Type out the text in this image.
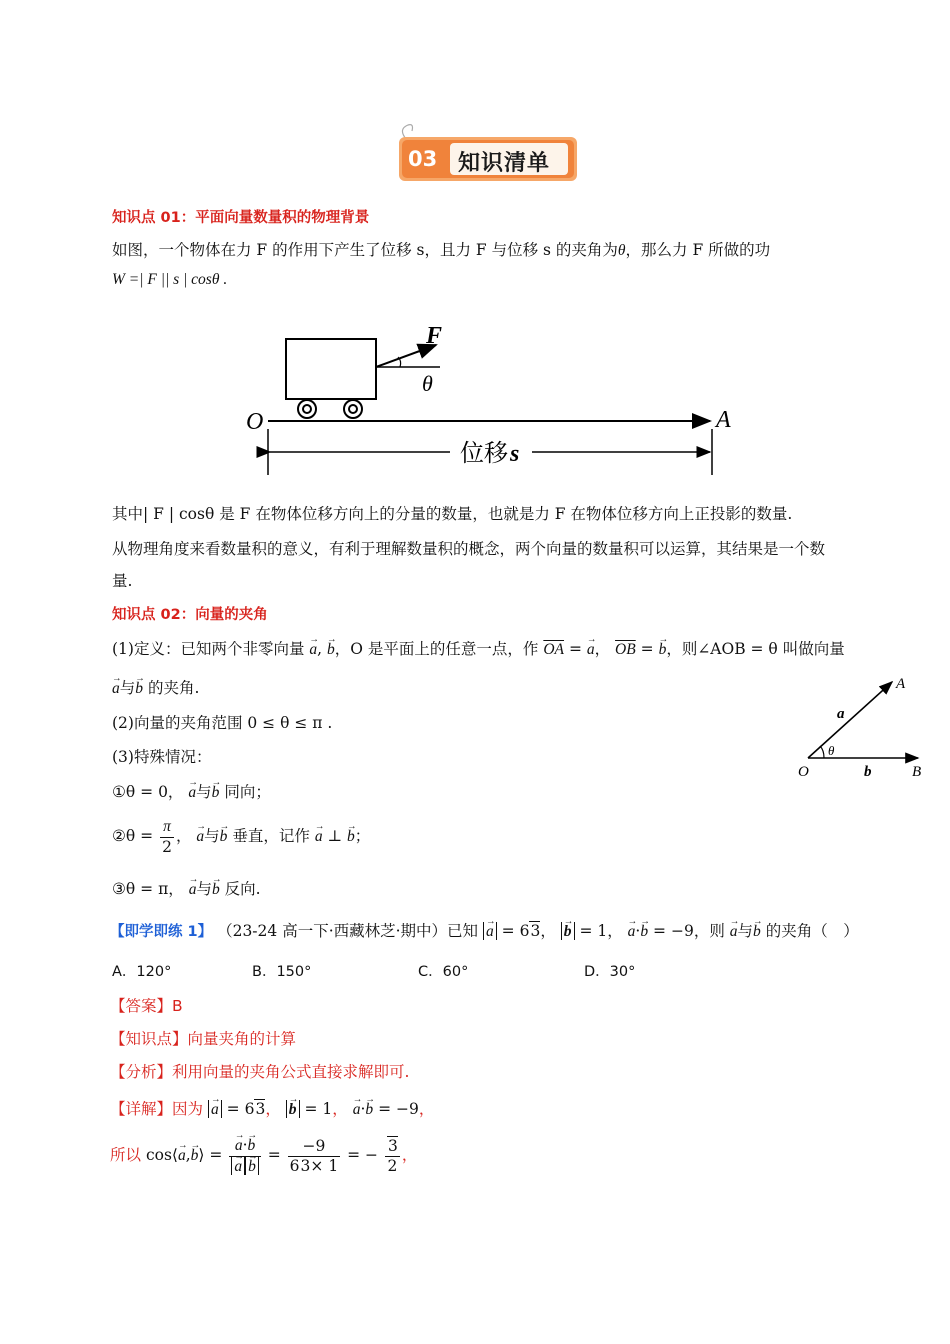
03 知识清单
知识点 01：平面向量数量积的物理背景
如图，一个物体在力 F 的作用下产生了位移 s，且力 F 与位移 s 的夹角为θ，那么力 F 所做的功
W =| F || s | cosθ .
O	A
F
θ
位移 s
其中| F | cosθ 是 F 在物体位移方向上的分量的数量，也就是力 F 在物体位移方向上正投影的数量.
从物理角度来看数量积的意义，有利于理解数量积的概念，两个向量的数量积可以运算，其结果是一个数
量.
知识点 02：向量的夹角
(1)定义：已知两个非零向量 → a, → b，O 是平面上的任意一点，作 $\overline{OA}$ = → a， $\overline{OB}$ = → b，则∠AOB = θ 叫做向量
→ a与→ b 的夹角.
(2)向量的夹角范围 0 ≤ θ ≤ π .
(3)特殊情况：
①θ = 0， → a与→ b 同向；
②θ = $\frac{\pi}{2}$ ， → a与→ b 垂直，记作 → a ⊥ → b；
③θ = π， → a与→ b 反向.
A
B
O
a
b
θ
【即学即练 1】 （23-24 高一下·西藏林芝·期中）已知 → a = 63， → b = 1， → a·→ b = −9，则 → a与→ b 的夹角（　）
A．120°	B．150°	C．60°	D．30°
【答案】B
【知识点】向量夹角的计算
【分析】利用向量的夹角公式直接求解即可.
【详解】因为 → a = 63， → b = 1， → a·→ b = −9，
所以 cos⟨→ a,→ b⟩ = → a·→ b
→ $a \to b = \frac{-9}{63\times 1}$ = − $\frac{3}{2}$ ，
